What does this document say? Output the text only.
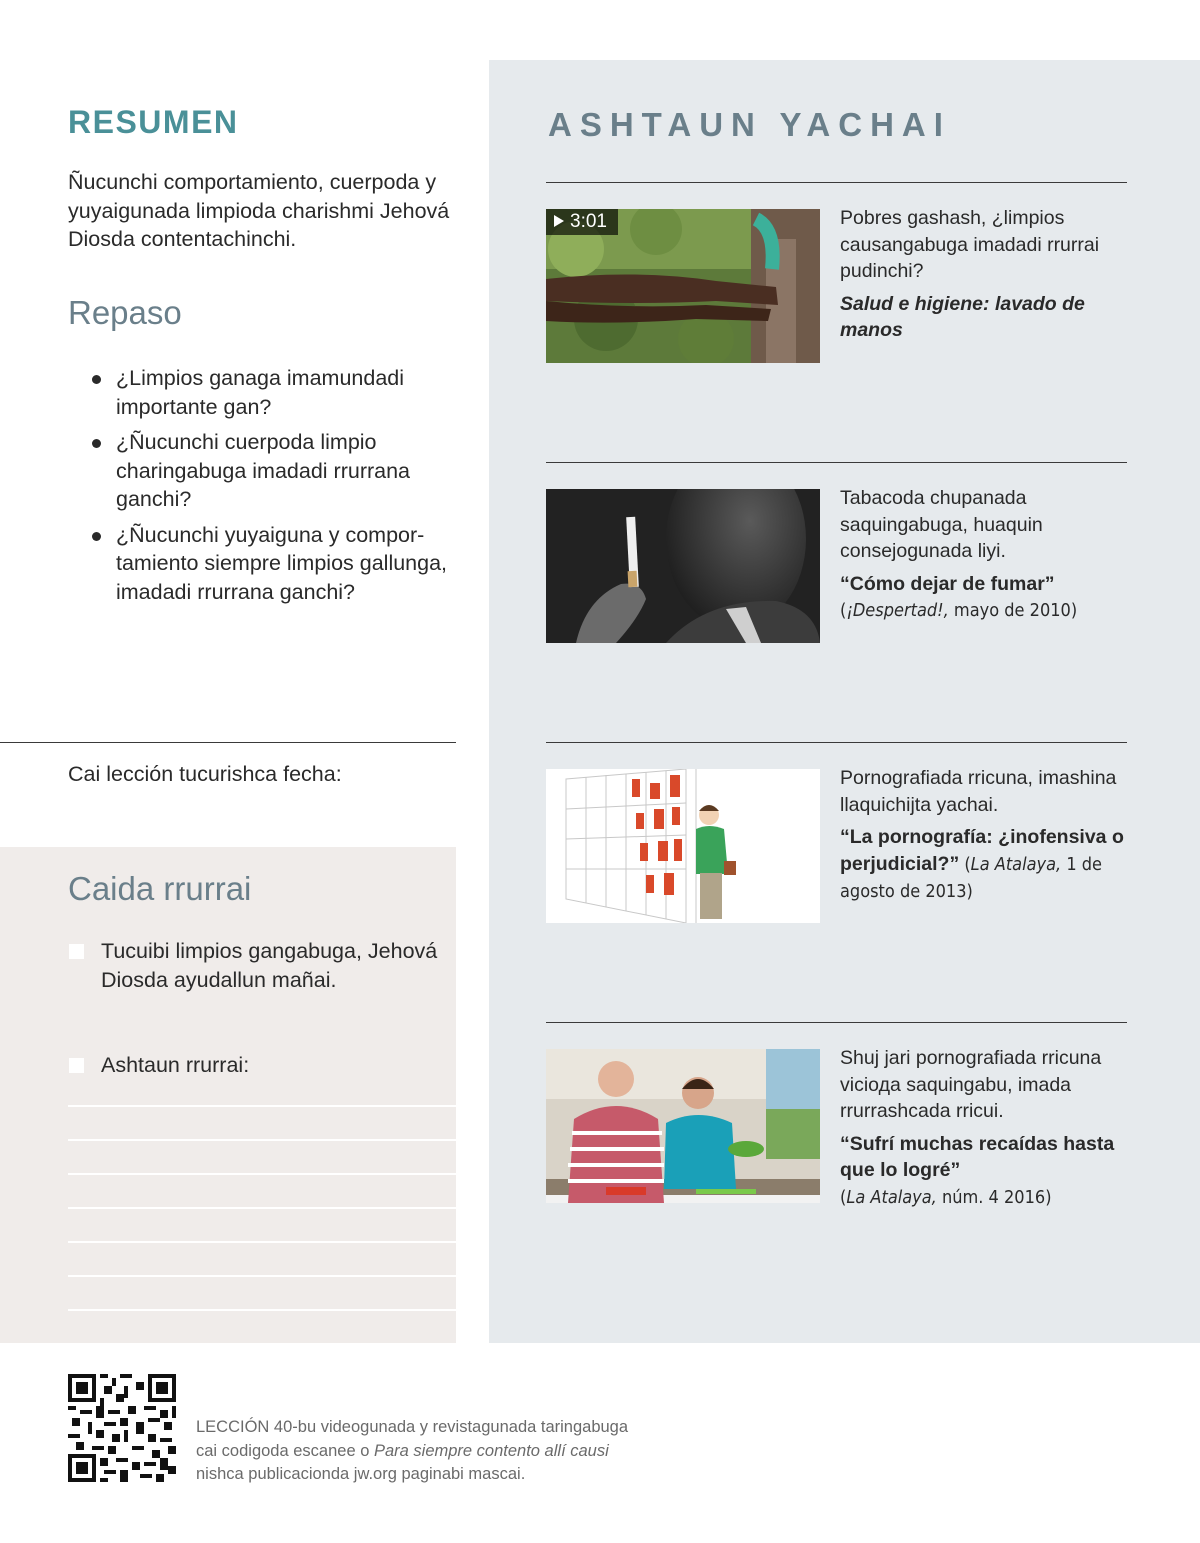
RESUMEN
Ñucunchi comportamiento, cuerpoda y yuyaigunada limpioda charishmi Jehová Diosda contentachinchi.
Repaso
¿Limpios ganaga imamundadi importante gan?
¿Ñucunchi cuerpoda limpio charingabuga imadadi rrurrana ganchi?
¿Ñucunchi yuyaiguna y comportamiento siempre limpios gallunga, imadadi rrurrana ganchi?
Cai lección tucurishca fecha:
Caida rrurrai
Tucuibi limpios gangabuga, Jehová Diosda ayudallun mañai.
Ashtaun rrurrai:
ASHTAUN YACHAI
3:01	Pobres gashash, ¿limpios causangabuga imadadi rrurrai pudinchi?
Salud e higiene: lavado de manos
Tabacoda chupanada saquingabuga, huaquin consejogunada liyi.
“Cómo dejar de fumar”
(¡Despertad!, mayo de 2010)
Pornografiada rricuna, imashina llaquichijta yachai.
“La pornografía: ¿inofensiva o perjudicial?” (La Atalaya, 1 de agosto de 2013)
Shuj jari pornografiada rricuna viciода saquingabu, imada rrurrashcada rricui.
“Sufrí muchas recaídas hasta que lo logré”
(La Atalaya, núm. 4 2016)
LECCIÓN 40-bu videogunada y revistagunada taringabuga
cai codigoda escanee o Para siempre contento allí causi
nishca publicacionda jw.org paginabi mascai.
